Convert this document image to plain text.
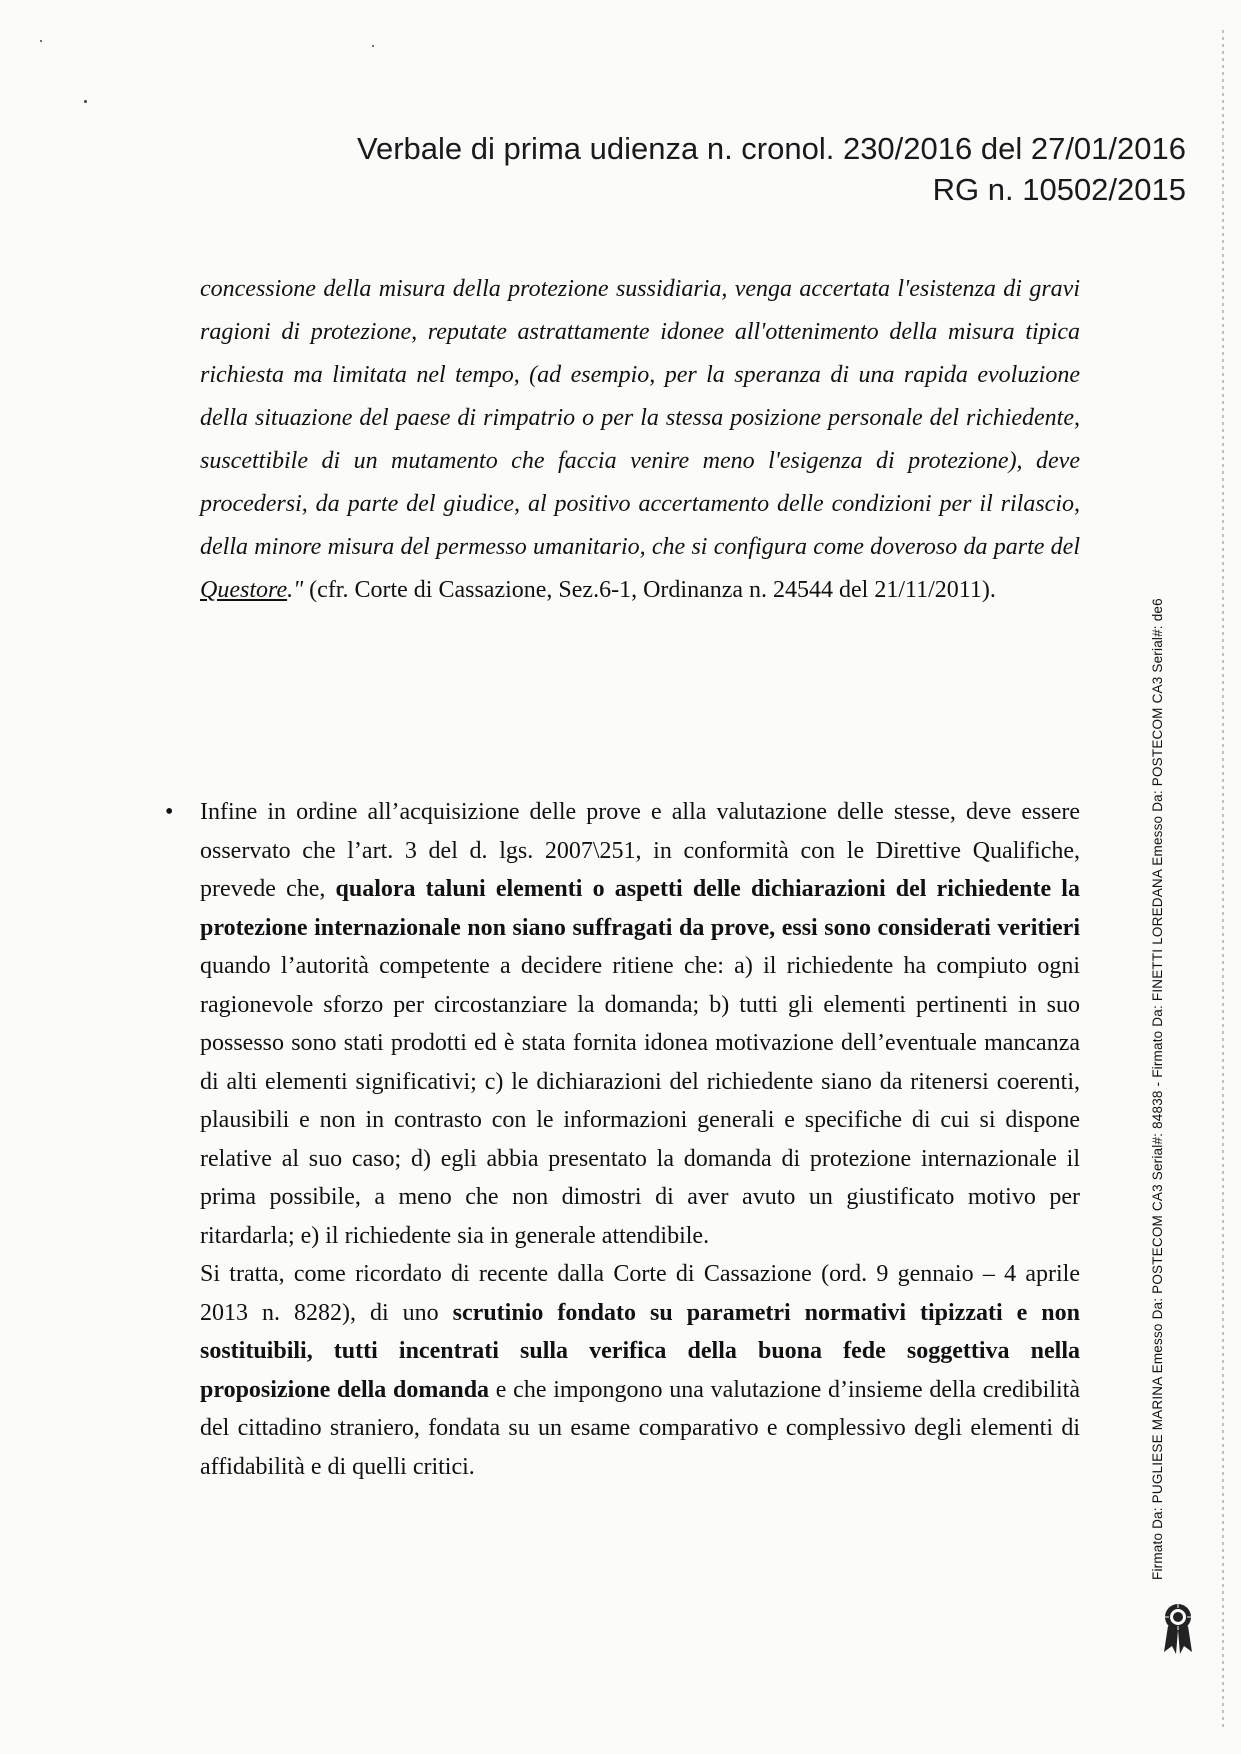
Verbale di prima udienza n. cronol. 230/2016 del 27/01/2016
RG n. 10502/2015

concessione della misura della protezione sussidiaria, venga accertata l'esistenza di gravi ragioni di protezione, reputate astrattamente idonee all'ottenimento della misura tipica richiesta ma limitata nel tempo, (ad esempio, per la speranza di una rapida evoluzione della situazione del paese di rimpatrio o per la stessa posizione personale del richiedente, suscettibile di un mutamento che faccia venire meno l'esigenza di protezione), deve procedersi, da parte del giudice, al positivo accertamento delle condizioni per il rilascio, della minore misura del permesso umanitario, che si configura come doveroso da parte del Questore." (cfr. Corte di Cassazione, Sez.6-1, Ordinanza n. 24544 del 21/11/2011).

• Infine in ordine all’acquisizione delle prove e alla valutazione delle stesse, deve essere osservato che l’art. 3 del d. lgs. 2007\251, in conformità con le Direttive Qualifiche, prevede che, qualora taluni elementi o aspetti delle dichiarazioni del richiedente la protezione internazionale non siano suffragati da prove, essi sono considerati veritieri quando l’autorità competente a decidere ritiene che: a) il richiedente ha compiuto ogni ragionevole sforzo per circostanziare la domanda; b) tutti gli elementi pertinenti in suo possesso sono stati prodotti ed è stata fornita idonea motivazione dell’eventuale mancanza di alti elementi significativi; c) le dichiarazioni del richiedente siano da ritenersi coerenti, plausibili e non in contrasto con le informazioni generali e specifiche di cui si dispone relative al suo caso; d) egli abbia presentato la domanda di protezione internazionale il prima possibile, a meno che non dimostri di aver avuto un giustificato motivo per ritardarla; e) il richiedente sia in generale attendibile.

Si tratta, come ricordato di recente dalla Corte di Cassazione (ord. 9 gennaio – 4 aprile 2013 n. 8282), di uno scrutinio fondato su parametri normativi tipizzati e non sostituibili, tutti incentrati sulla verifica della buona fede soggettiva nella proposizione della domanda e che impongono una valutazione d’insieme della credibilità del cittadino straniero, fondata su un esame comparativo e complessivo degli elementi di affidabilità e di quelli critici.	Firmato Da: PUGLIESE MARINA Emesso Da: POSTECOM CA3 Serial#: 84838 - Firmato Da: FINETTI LOREDANA Emesso Da: POSTECOM CA3 Serial#: de6
